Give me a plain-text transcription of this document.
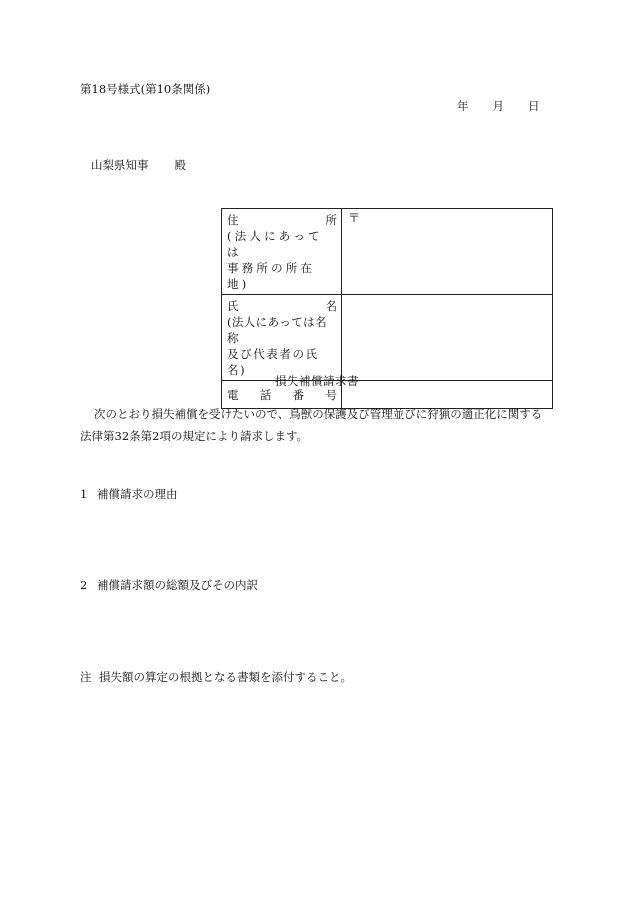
第18号様式(第10条関係)
年 月 日
山梨県知事 殿
住 所
(法人にあっては
事務所の所在地)	〒

氏 名
(法人にあっては名称
及び代表者の氏名)	

電 話 番 号	

損失補償請求書
次のとおり損失補償を受けたいので、鳥獣の保護及び管理並びに狩猟の適正化に関する
法律第32条第2項の規定により請求します。
1 補償請求の理由
2 補償請求額の総額及びその内訳
注 損失額の算定の根拠となる書類を添付すること。
